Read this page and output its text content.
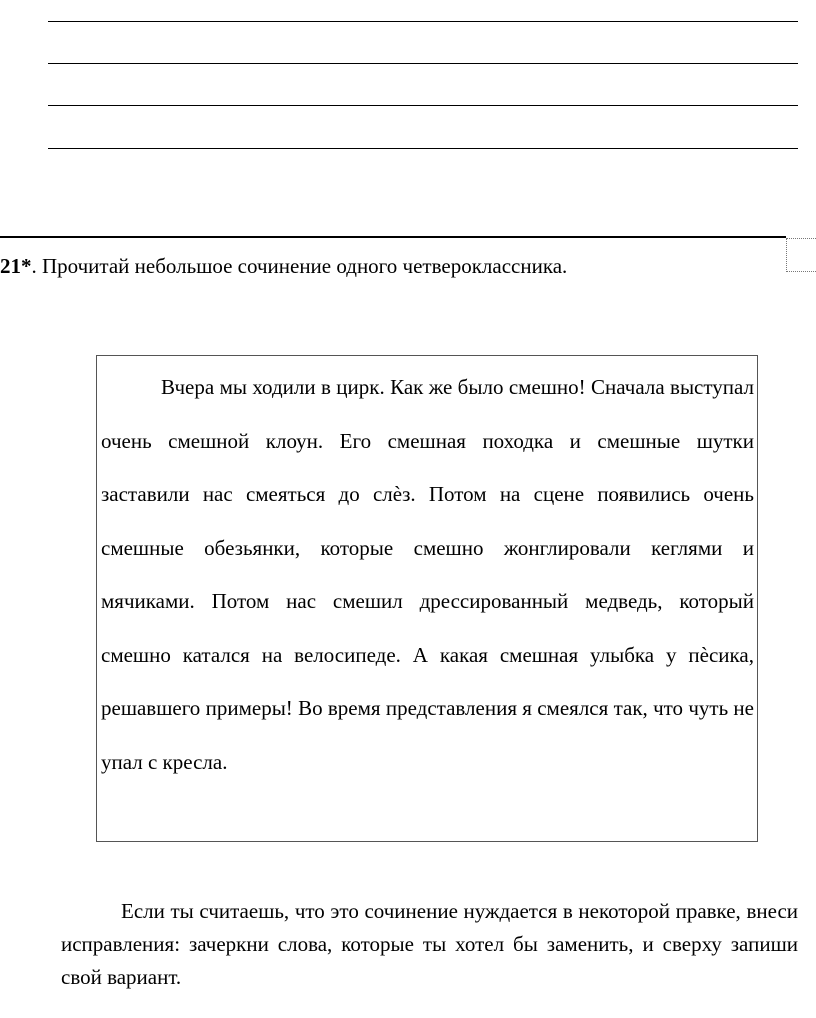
21*. Прочитай небольшое сочинение одного четвероклассника.

Вчера мы ходили в цирк. Как же было смешно! Сначала выступал очень смешной клоун. Его смешная походка и смешные шутки заставили нас смеяться до слѐз. Потом на сцене появились очень смешные обезьянки, которые смешно жонглировали кеглями и мячиками. Потом нас смешил дрессированный медведь, который смешно катался на велосипеде. А какая смешная улыбка у пѐсика, решавшего примеры! Во время представления я смеялся так, что чуть не упал с кресла.

Если ты считаешь, что это сочинение нуждается в некоторой правке, внеси исправления: зачеркни слова, которые ты хотел бы заменить, и сверху запиши свой вариант.
